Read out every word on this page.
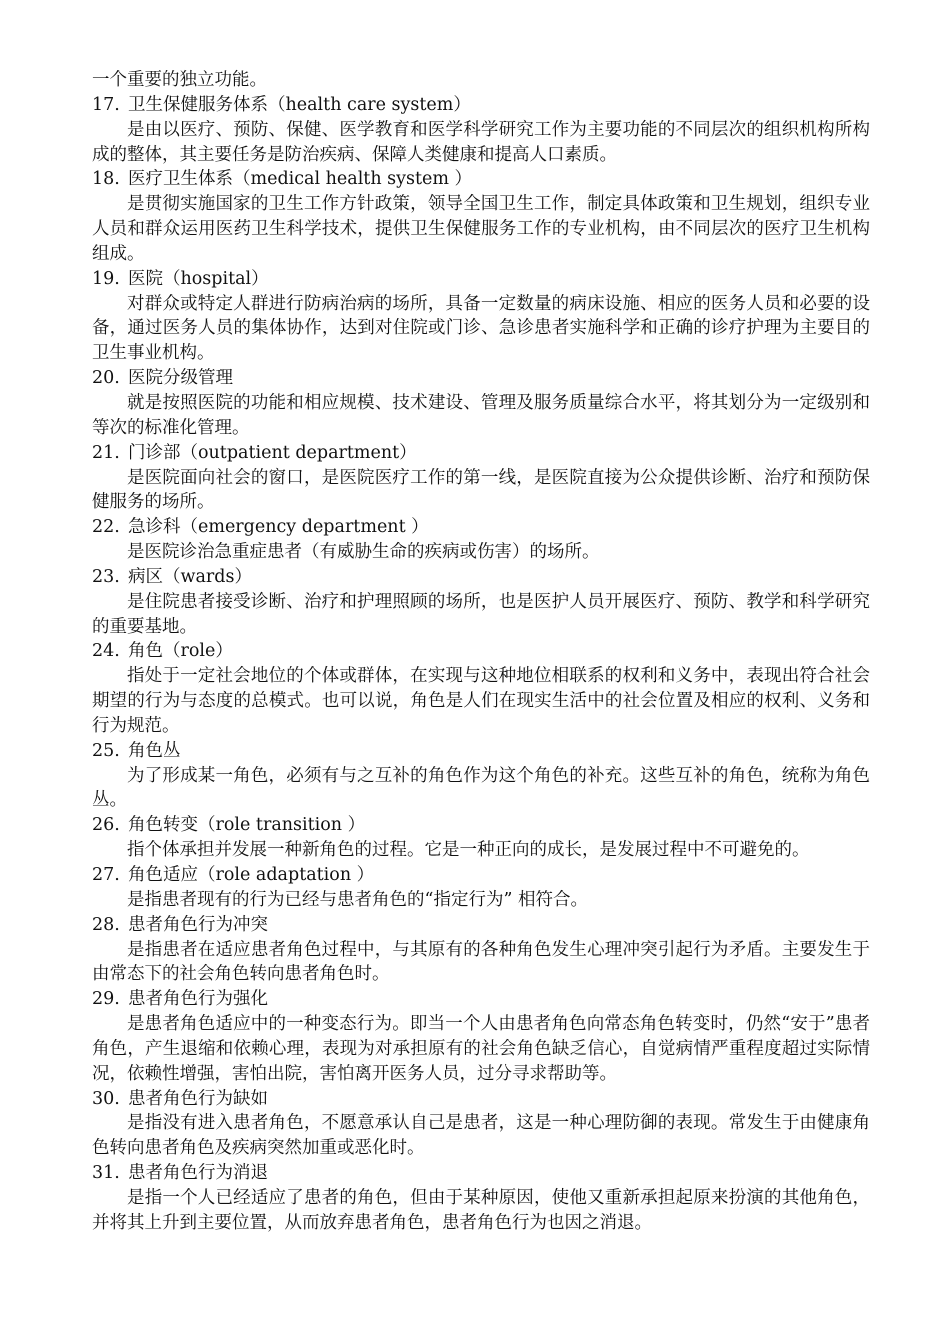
一个重要的独立功能。

17. 卫生保健服务体系（health care system）

是由以医疗、预防、保健、医学教育和医学科学研究工作为主要功能的不同层次的组织机构所构成的整体，其主要任务是防治疾病、保障人类健康和提高人口素质。

18. 医疗卫生体系（medical health system ）

是贯彻实施国家的卫生工作方针政策，领导全国卫生工作，制定具体政策和卫生规划，组织专业人员和群众运用医药卫生科学技术，提供卫生保健服务工作的专业机构，由不同层次的医疗卫生机构组成。

19. 医院（hospital）

对群众或特定人群进行防病治病的场所，具备一定数量的病床设施、相应的医务人员和必要的设备，通过医务人员的集体协作，达到对住院或门诊、急诊患者实施科学和正确的诊疗护理为主要目的卫生事业机构。

20. 医院分级管理

就是按照医院的功能和相应规模、技术建设、管理及服务质量综合水平，将其划分为一定级别和等次的标准化管理。

21. 门诊部（outpatient department）

是医院面向社会的窗口，是医院医疗工作的第一线，是医院直接为公众提供诊断、治疗和预防保健服务的场所。

22. 急诊科（emergency department ）

是医院诊治急重症患者（有威胁生命的疾病或伤害）的场所。

23. 病区（wards）

是住院患者接受诊断、治疗和护理照顾的场所，也是医护人员开展医疗、预防、教学和科学研究的重要基地。

24. 角色（role）

指处于一定社会地位的个体或群体，在实现与这种地位相联系的权利和义务中，表现出符合社会期望的行为与态度的总模式。也可以说，角色是人们在现实生活中的社会位置及相应的权利、义务和行为规范。

25. 角色丛

为了形成某一角色，必须有与之互补的角色作为这个角色的补充。这些互补的角色，统称为角色丛。

26. 角色转变（role transition ）

指个体承担并发展一种新角色的过程。它是一种正向的成长，是发展过程中不可避免的。

27. 角色适应（role adaptation ）

是指患者现有的行为已经与患者角色的“指定行为” 相符合。

28. 患者角色行为冲突

是指患者在适应患者角色过程中，与其原有的各种角色发生心理冲突引起行为矛盾。主要发生于由常态下的社会角色转向患者角色时。

29. 患者角色行为强化

是患者角色适应中的一种变态行为。即当一个人由患者角色向常态角色转变时，仍然“安于”患者角色，产生退缩和依赖心理，表现为对承担原有的社会角色缺乏信心，自觉病情严重程度超过实际情况，依赖性增强，害怕出院，害怕离开医务人员，过分寻求帮助等。

30. 患者角色行为缺如

是指没有进入患者角色，不愿意承认自己是患者，这是一种心理防御的表现。常发生于由健康角色转向患者角色及疾病突然加重或恶化时。

31. 患者角色行为消退

是指一个人已经适应了患者的角色，但由于某种原因，使他又重新承担起原来扮演的其他角色，并将其上升到主要位置，从而放弃患者角色，患者角色行为也因之消退。
